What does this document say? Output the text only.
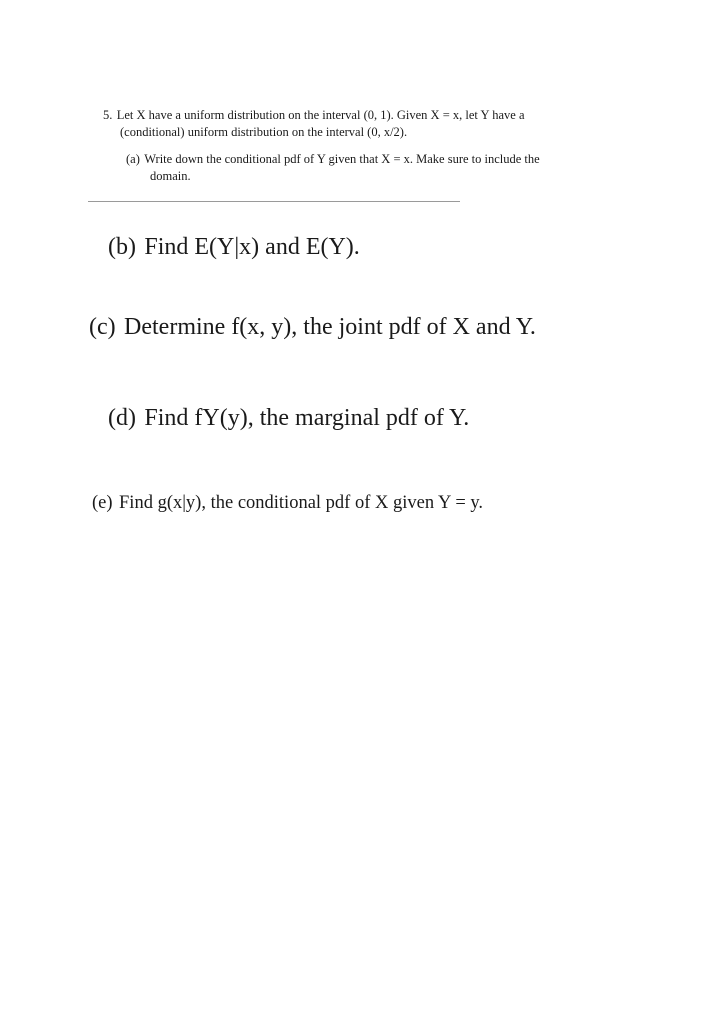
5. Let X have a uniform distribution on the interval (0, 1). Given X = x, let Y have a
(conditional) uniform distribution on the interval (0, x/2).
(a) Write down the conditional pdf of Y given that X = x. Make sure to include the
domain.
(b) Find E(Y|x) and E(Y).
(c) Determine f(x, y), the joint pdf of X and Y.
(d) Find fY(y), the marginal pdf of Y.
(e) Find g(x|y), the conditional pdf of X given Y = y.
